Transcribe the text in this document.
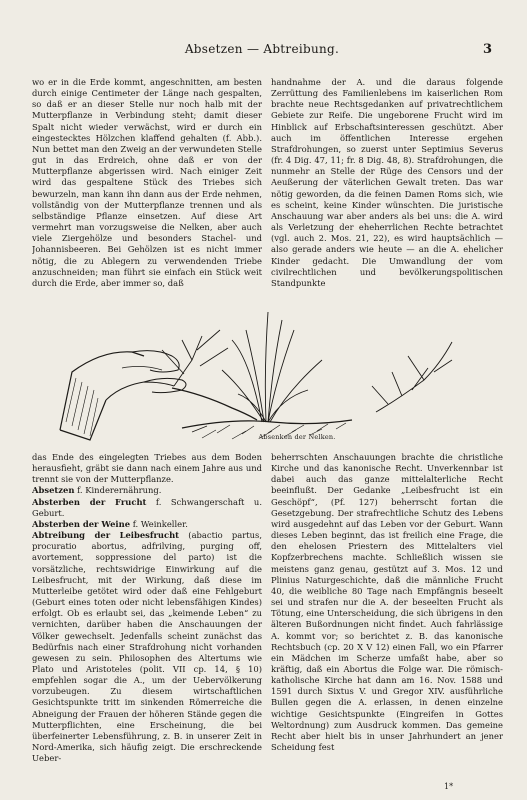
Absetzen — Abtreibung.	3

wo er in die Erde kommt, angeschnitten, am besten durch einige Centimeter der Länge nach gespalten, so daß er an dieser Stelle nur noch halb mit der Mutterpflanze in Verbindung steht; damit dieser Spalt nicht wieder verwächst, wird er durch ein eingestecktes Hölzchen klaffend gehalten (f. Abb.). Nun bettet man den Zweig an der verwundeten Stelle gut in das Erdreich, ohne daß er von der Mutterpflanze abgerissen wird. Nach einiger Zeit wird das gespaltene Stück des Triebes sich bewurzeln, man kann ihn dann aus der Erde nehmen, vollständig von der Mutterpflanze trennen und als selbständige Pflanze einsetzen. Auf diese Art vermehrt man vorzugsweise die Nelken, aber auch viele Ziergehölze und besonders Stachel- und Johannisbeeren. Bei Gehölzen ist es nicht immer nötig, die zu Ablegern zu verwendenden Triebe anzuschneiden; man führt sie einfach ein Stück weit durch die Erde, aber immer so, daß

handnahme der A. und die daraus folgende Zerrüttung des Familienlebens im kaiserlichen Rom brachte neue Rechtsgedanken auf privatrechtlichem Gebiete zur Reife. Die ungeborene Frucht wird im Hinblick auf Erbschaftsinteressen geschützt. Aber auch im öffentlichen Interesse ergehen Strafdrohungen, so zuerst unter Septimius Severus (fr. 4 Dig. 47, 11; fr. 8 Dig. 48, 8). Strafdrohungen, die nunmehr an Stelle der Rüge des Censors und der Aeußerung der väterlichen Gewalt treten. Das war nötig geworden, da die feinen Damen Roms sich, wie es scheint, keine Kinder wünschten. Die juristische Anschauung war aber anders als bei uns: die A. wird als Verletzung der eheherrlichen Rechte betrachtet (vgl. auch 2. Mos. 21, 22), es wird hauptsächlich — also gerade anders wie heute — an die A. ehelicher Kinder gedacht. Die Umwandlung der vom civilrechtlichen und bevölkerungspolitischen Standpunkte

Absenken der Nelken.
das Ende des eingelegten Triebes aus dem Boden herausfieht, gräbt sie dann nach einem Jahre aus und trennt sie von der Mutterpflanze.
Absetzen f. Kinderernährung.
Absterben der Frucht f. Schwangerschaft u. Geburt.
Absterben der Weine f. Weinkeller.
Abtreibung der Leibesfrucht (abactio partus, procuratio abortus, adfrilving, purging off, avortement, soppressione del parto) ist die vorsätzliche, rechtswidrige Einwirkung auf die Leibesfrucht, mit der Wirkung, daß diese im Mutterleibe getötet wird oder daß eine Fehlgeburt (Geburt eines toten oder nicht lebensfähigen Kindes) erfolgt. Ob es erlaubt sei, das „keimende Leben“ zu vernichten, darüber haben die Anschauungen der Völker gewechselt. Jedenfalls scheint zunächst das Bedürfnis nach einer Strafdrohung nicht vorhanden gewesen zu sein. Philosophen des Altertums wie Plato und Aristoteles (polit. VII cp. 14, § 10) empfehlen sogar die A., um der Uebervölkerung vorzubeugen. Zu diesem wirtschaftlichen Gesichtspunkte tritt im sinkenden Römerreiche die Abneigung der Frauen der höheren Stände gegen die Mutterpflichten, eine Erscheinung, die bei überfeinerter Lebensführung, z. B. in unserer Zeit in Nord-Amerika, sich häufig zeigt. Die erschreckende Ueber-

beherrschten Anschauungen brachte die christliche Kirche und das kanonische Recht. Unverkennbar ist dabei auch das ganze mittelalterliche Recht beeinflußt. Der Gedanke „Leibesfrucht ist ein Geschöpf“, (Pf. 127) beherrscht fortan die Gesetzgebung. Der strafrechtliche Schutz des Lebens wird ausgedehnt auf das Leben vor der Geburt. Wann dieses Leben beginnt, das ist freilich eine Frage, die den ehelosen Priestern des Mittelalters viel Kopfzerbrechens machte. Schließlich wissen sie meistens ganz genau, gestützt auf 3. Mos. 12 und Plinius Naturgeschichte, daß die männliche Frucht 40, die weibliche 80 Tage nach Empfängnis beseelt sei und strafen nur die A. der beseelten Frucht als Tötung, eine Unterscheidung, die sich übrigens in den älteren Bußordnungen nicht findet. Auch fahrlässige A. kommt vor; so berichtet z. B. das kanonische Rechtsbuch (cp. 20 X V 12) einen Fall, wo ein Pfarrer ein Mädchen im Scherze umfaßt habe, aber so kräftig, daß ein Abortus die Folge war. Die römisch-katholische Kirche hat dann am 16. Nov. 1588 und 1591 durch Sixtus V. und Gregor XIV. ausführliche Bullen gegen die A. erlassen, in denen einzelne wichtige Gesichtspunkte (Eingreifen in Gottes Weltordnung) zum Ausdruck kommen. Das gemeine Recht aber hielt bis in unser Jahrhundert an jener Scheidung fest

1*
